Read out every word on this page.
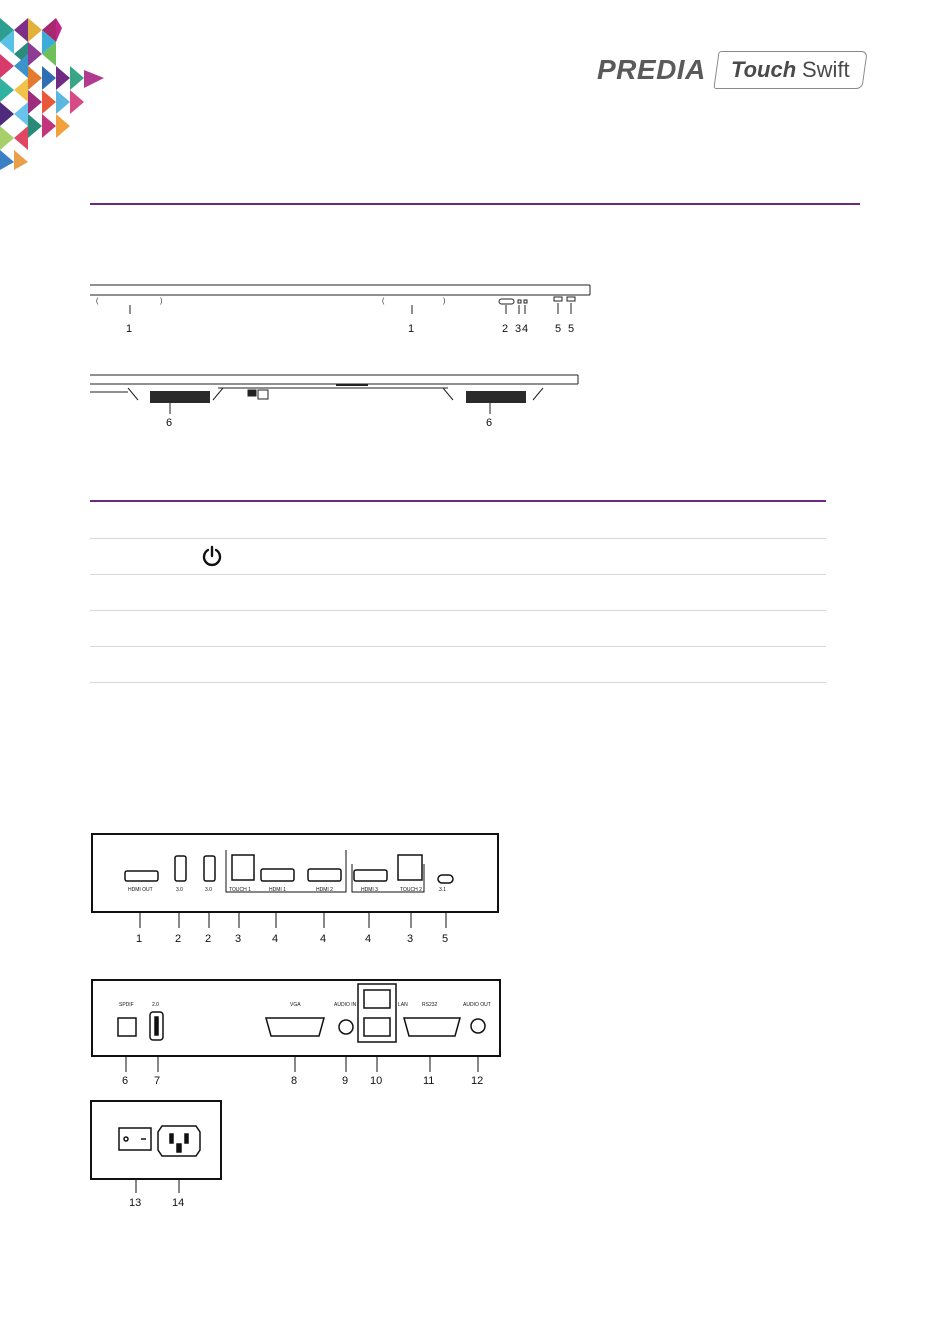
PREDIA Touch Swift
(	)	(	)
1	1	2 3 4 5 5
6	6
HDMI OUT	3.0	3.0	TOUCH 1	HDMI 1	HDMI 2	HDMI 3	TOUCH 2	3.1
1	2 2 3	4	4	4	3	5
SPDIF	2.0	VGA	AUDIO IN	LAN	RS232	AUDIO OUT
6 7	8	9 10	11	12
13	14
